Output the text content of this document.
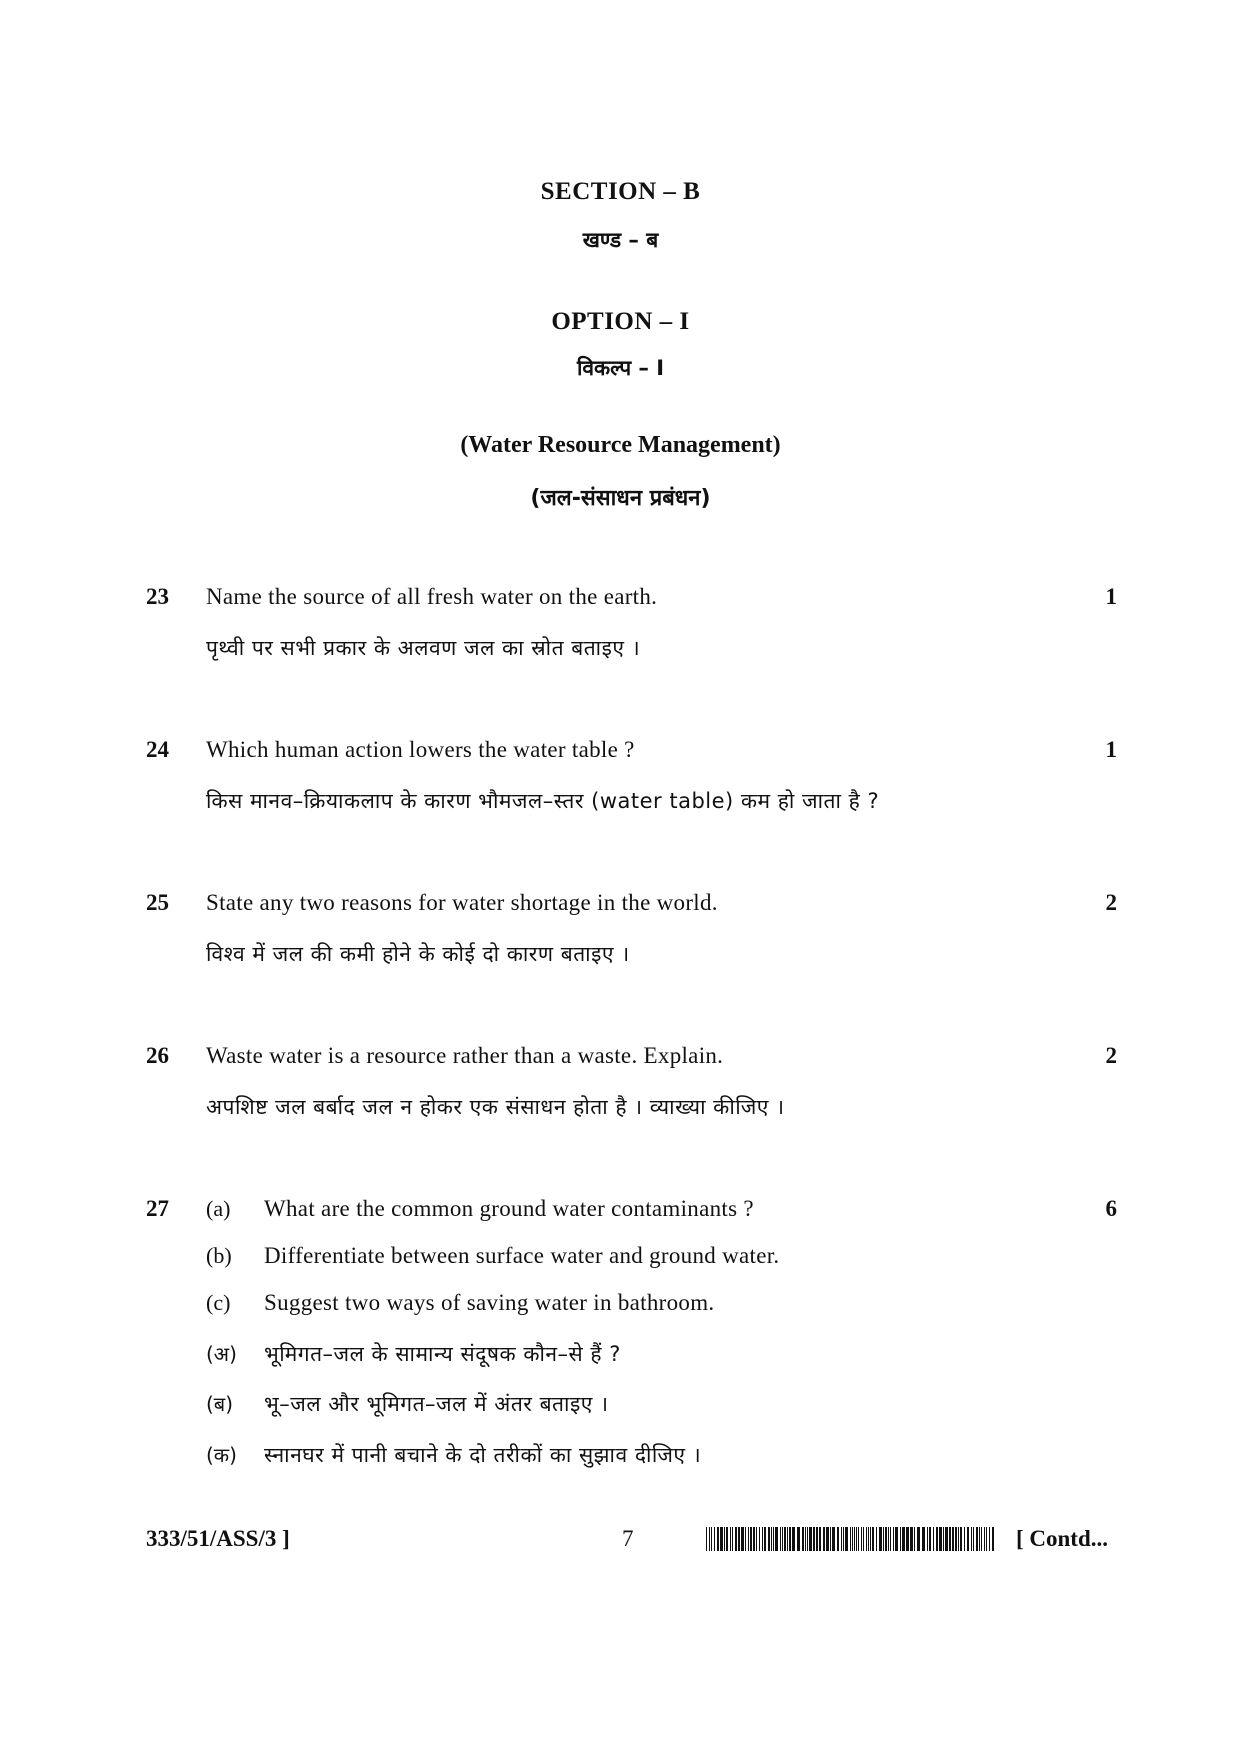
SECTION – B
खण्ड – ब
OPTION – I
विकल्प – I
(Water Resource Management)
(जल-संसाधन प्रबंधन)
23 Name the source of all fresh water on the earth.	1
पृथ्वी पर सभी प्रकार के अलवण जल का स्रोत बताइए ।
24 Which human action lowers the water table ?	1
किस मानव–क्रियाकलाप के कारण भौमजल–स्तर (water table) कम हो जाता है ?
25 State any two reasons for water shortage in the world.	2
विश्व में जल की कमी होने के कोई दो कारण बताइए ।
26 Waste water is a resource rather than a waste. Explain.	2
अपशिष्ट जल बर्बाद जल न होकर एक संसाधन होता है । व्याख्या कीजिए ।
27	6
(a) What are the common ground water contaminants ?
(b) Differentiate between surface water and ground water.
(c) Suggest two ways of saving water in bathroom.
(अ) भूमिगत–जल के सामान्य संदूषक कौन–से हैं ?
(ब) भू–जल और भूमिगत–जल में अंतर बताइए ।
(क) स्नानघर में पानी बचाने के दो तरीकों का सुझाव दीजिए ।
333/51/ASS/3 ]	7	[ Contd...
